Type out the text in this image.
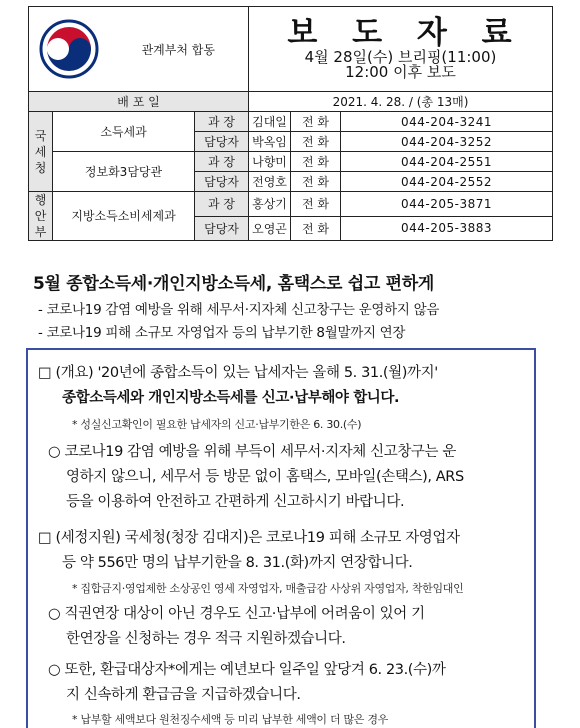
	관계부처 합동		보 도 자 료
4월 28일(수) 브리핑(11:00)
12:00 이후 보도		

배 포 일				2021. 4. 28. / (총 13매)		
국세청	소득세과		과 장	김대일	전 화	044-204-3241
			담당자	박옥임	전 화	044-204-3252
	정보화3담당관		과 장	나향미	전 화	044-204-2551
			담당자	전영호	전 화	044-204-2552
행안부	지방소득소비세제과		과 장	홍상기	전 화	044-205-3871
			담당자	오영곤	전 화	044-205-3883
5월 종합소득세·개인지방소득세, 홈택스로 쉽고 편하게
- 코로나19 감염 예방을 위해 세무서·지자체 신고창구는 운영하지 않음
- 코로나19 피해 소규모 자영업자 등의 납부기한 8월말까지 연장
□ (개요) '20년에 종합소득이 있는 납세자는 올해 5. 31.(월)까지'
종합소득세와 개인지방소득세를 신고·납부해야 합니다.
* 성실신고확인이 필요한 납세자의 신고·납부기한은 6. 30.(수)
○ 코로나19 감염 예방을 위해 부득이 세무서·지자체 신고창구는 운
영하지 않으니, 세무서 등 방문 없이 홈택스, 모바일(손택스), ARS
등을 이용하여 안전하고 간편하게 신고하시기 바랍니다.
□ (세정지원) 국세청(청장 김대지)은 코로나19 피해 소규모 자영업자
등 약 556만 명의 납부기한을 8. 31.(화)까지 연장합니다.
* 집합금지·영업제한 소상공인 영세 자영업자, 매출급감 사상위 자영업자, 착한임대인
○ 직권연장 대상이 아닌 경우도 신고·납부에 어려움이 있어 기
한연장을 신청하는 경우 적극 지원하겠습니다.
○ 또한, 환급대상자*에게는 예년보다 일주일 앞당겨 6. 23.(수)까
지 신속하게 환급금을 지급하겠습니다.
* 납부할 세액보다 원천징수세액 등 미리 납부한 세액이 더 많은 경우
